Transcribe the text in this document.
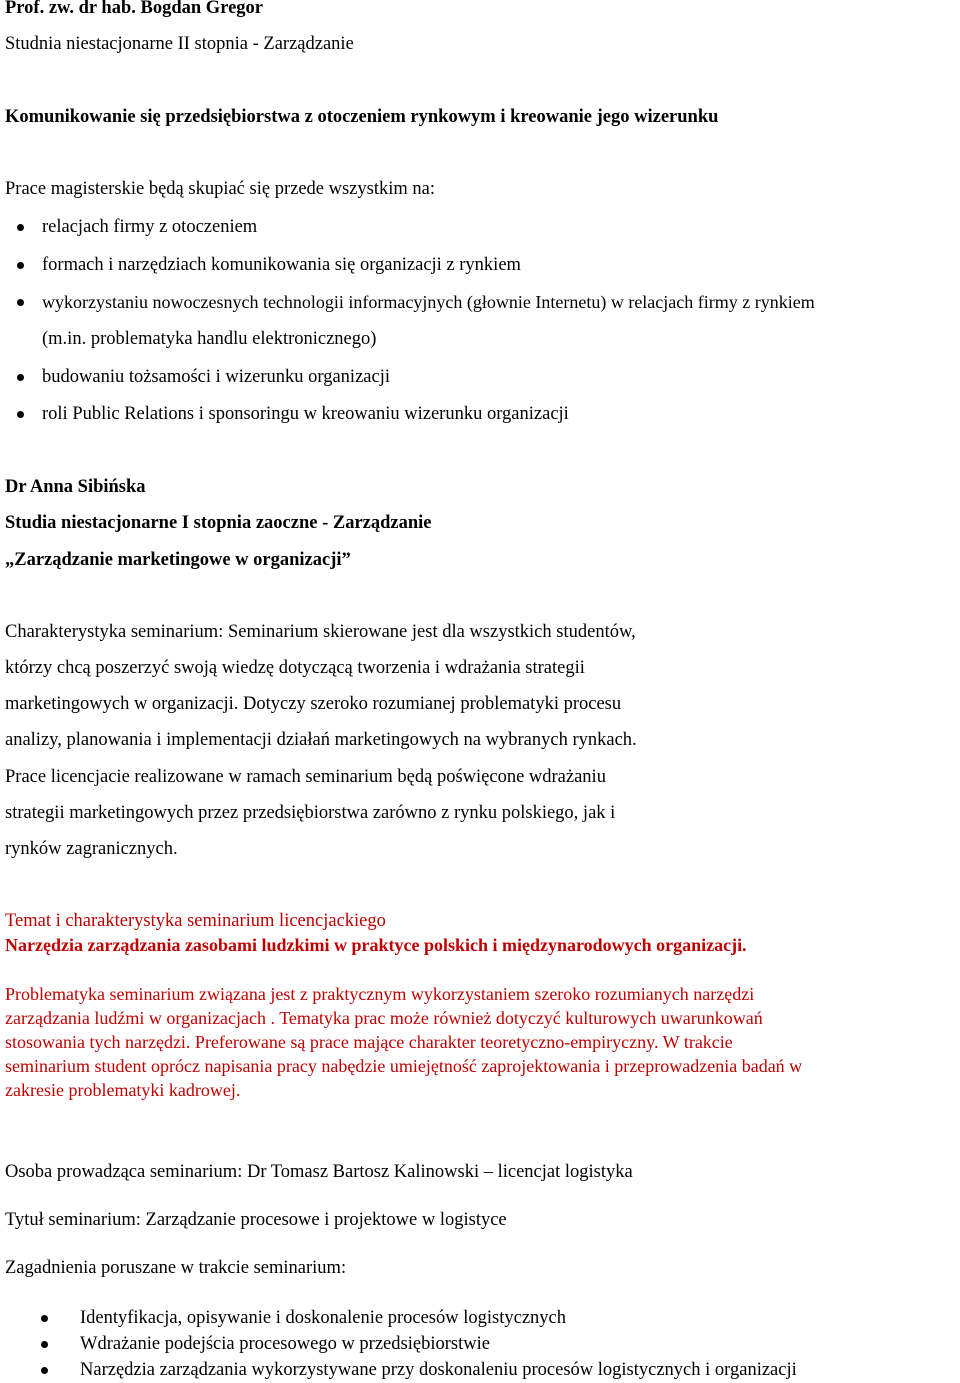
Prof. zw. dr hab. Bogdan Gregor
Studnia niestacjonarne II stopnia - Zarządzanie
Komunikowanie się przedsiębiorstwa z otoczeniem rynkowym i kreowanie jego wizerunku
Prace magisterskie będą skupiać się przede wszystkim na:
relacjach firmy z otoczeniem
formach i narzędziach komunikowania się organizacji z rynkiem
wykorzystaniu nowoczesnych technologii informacyjnych (głownie Internetu) w relacjach firmy z rynkiem
(m.in. problematyka handlu elektronicznego)
budowaniu tożsamości i wizerunku organizacji
roli Public Relations i sponsoringu w kreowaniu wizerunku organizacji
Dr Anna Sibińska
Studia niestacjonarne I stopnia zaoczne - Zarządzanie
„Zarządzanie marketingowe w organizacji”
Charakterystyka seminarium: Seminarium skierowane jest dla wszystkich studentów,
którzy chcą poszerzyć swoją wiedzę dotyczącą tworzenia i wdrażania strategii
marketingowych w organizacji. Dotyczy szeroko rozumianej problematyki procesu
analizy, planowania i implementacji działań marketingowych na wybranych rynkach.
Prace licencjacie realizowane w ramach seminarium będą poświęcone wdrażaniu
strategii marketingowych przez przedsiębiorstwa zarówno z rynku polskiego, jak i
rynków zagranicznych.
Temat i charakterystyka seminarium licencjackiego
Narzędzia zarządzania zasobami ludzkimi w praktyce polskich i międzynarodowych organizacji.
Problematyka seminarium związana jest z praktycznym wykorzystaniem szeroko rozumianych narzędzi
zarządzania ludźmi w organizacjach . Tematyka prac może również dotyczyć kulturowych uwarunkowań
stosowania tych narzędzi. Preferowane są prace mające charakter teoretyczno-empiryczny. W trakcie
seminarium student oprócz napisania pracy nabędzie umiejętność zaprojektowania i przeprowadzenia badań w
zakresie problematyki kadrowej.
Osoba prowadząca seminarium: Dr Tomasz Bartosz Kalinowski – licencjat logistyka
Tytuł seminarium: Zarządzanie procesowe i projektowe w logistyce
Zagadnienia poruszane w trakcie seminarium:
Identyfikacja, opisywanie i doskonalenie procesów logistycznych
Wdrażanie podejścia procesowego w przedsiębiorstwie
Narzędzia zarządzania wykorzystywane przy doskonaleniu procesów logistycznych i organizacji
